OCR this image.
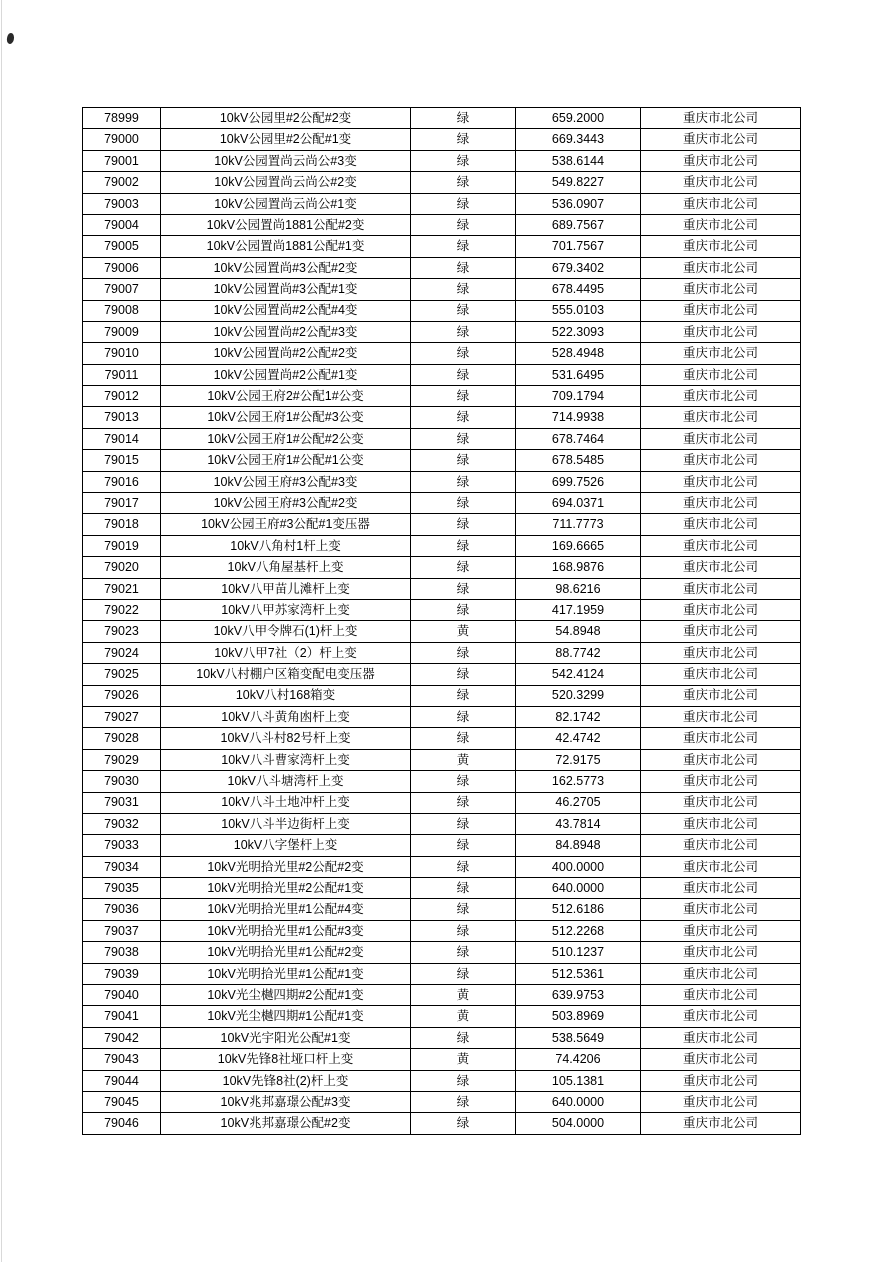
78999	10kV公园里#2公配#2变	绿	659.2000	重庆市北公司
79000	10kV公园里#2公配#1变	绿	669.3443	重庆市北公司
79001	10kV公园置尚云尚公#3变	绿	538.6144	重庆市北公司
79002	10kV公园置尚云尚公#2变	绿	549.8227	重庆市北公司
79003	10kV公园置尚云尚公#1变	绿	536.0907	重庆市北公司
79004	10kV公园置尚1881公配#2变	绿	689.7567	重庆市北公司
79005	10kV公园置尚1881公配#1变	绿	701.7567	重庆市北公司
79006	10kV公园置尚#3公配#2变	绿	679.3402	重庆市北公司
79007	10kV公园置尚#3公配#1变	绿	678.4495	重庆市北公司
79008	10kV公园置尚#2公配#4变	绿	555.0103	重庆市北公司
79009	10kV公园置尚#2公配#3变	绿	522.3093	重庆市北公司
79010	10kV公园置尚#2公配#2变	绿	528.4948	重庆市北公司
79011	10kV公园置尚#2公配#1变	绿	531.6495	重庆市北公司
79012	10kV公园王府2#公配1#公变	绿	709.1794	重庆市北公司
79013	10kV公园王府1#公配#3公变	绿	714.9938	重庆市北公司
79014	10kV公园王府1#公配#2公变	绿	678.7464	重庆市北公司
79015	10kV公园王府1#公配#1公变	绿	678.5485	重庆市北公司
79016	10kV公园王府#3公配#3变	绿	699.7526	重庆市北公司
79017	10kV公园王府#3公配#2变	绿	694.0371	重庆市北公司
79018	10kV公园王府#3公配#1变压器	绿	711.7773	重庆市北公司
79019	10kV八角村1杆上变	绿	169.6665	重庆市北公司
79020	10kV八角屋基杆上变	绿	168.9876	重庆市北公司
79021	10kV八甲苗儿滩杆上变	绿	98.6216	重庆市北公司
79022	10kV八甲苏家湾杆上变	绿	417.1959	重庆市北公司
79023	10kV八甲令牌石(1)杆上变	黄	54.8948	重庆市北公司
79024	10kV八甲7社（2）杆上变	绿	88.7742	重庆市北公司
79025	10kV八村棚户区箱变配电变压器	绿	542.4124	重庆市北公司
79026	10kV八村168箱变	绿	520.3299	重庆市北公司
79027	10kV八斗黄角凼杆上变	绿	82.1742	重庆市北公司
79028	10kV八斗村82号杆上变	绿	42.4742	重庆市北公司
79029	10kV八斗曹家湾杆上变	黄	72.9175	重庆市北公司
79030	10kV八斗塘湾杆上变	绿	162.5773	重庆市北公司
79031	10kV八斗土地冲杆上变	绿	46.2705	重庆市北公司
79032	10kV八斗半边街杆上变	绿	43.7814	重庆市北公司
79033	10kV八字堡杆上变	绿	84.8948	重庆市北公司
79034	10kV光明拾光里#2公配#2变	绿	400.0000	重庆市北公司
79035	10kV光明拾光里#2公配#1变	绿	640.0000	重庆市北公司
79036	10kV光明拾光里#1公配#4变	绿	512.6186	重庆市北公司
79037	10kV光明拾光里#1公配#3变	绿	512.2268	重庆市北公司
79038	10kV光明拾光里#1公配#2变	绿	510.1237	重庆市北公司
79039	10kV光明拾光里#1公配#1变	绿	512.5361	重庆市北公司
79040	10kV光尘樾四期#2公配#1变	黄	639.9753	重庆市北公司
79041	10kV光尘樾四期#1公配#1变	黄	503.8969	重庆市北公司
79042	10kV光宇阳光公配#1变	绿	538.5649	重庆市北公司
79043	10kV先锋8社垭口杆上变	黄	74.4206	重庆市北公司
79044	10kV先锋8社(2)杆上变	绿	105.1381	重庆市北公司
79045	10kV兆邦嘉璟公配#3变	绿	640.0000	重庆市北公司
79046	10kV兆邦嘉璟公配#2变	绿	504.0000	重庆市北公司
